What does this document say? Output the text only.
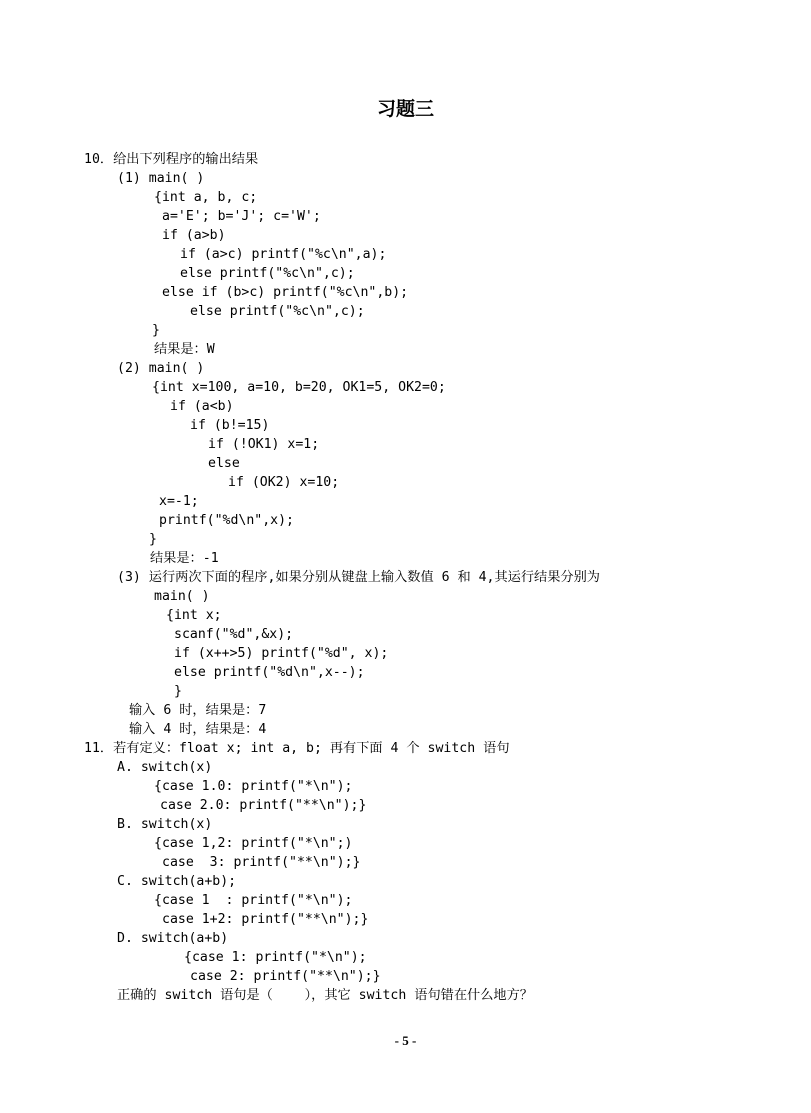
习题三
10．给出下列程序的输出结果
(1) main( )
{int a, b, c;
a='E'; b='J'; c='W';
if (a>b)
if (a>c) printf("%c\n",a);
else printf("%c\n",c);
else if (b>c) printf("%c\n",b);
else printf("%c\n",c);
}
结果是：W
(2) main( )
{int x=100, a=10, b=20, OK1=5, OK2=0;
if (a<b)
if (b!=15)
if (!OK1) x=1;
else
if (OK2) x=10;
x=-1;
printf("%d\n",x);
}
结果是：-1
(3) 运行两次下面的程序,如果分别从键盘上输入数值 6 和 4,其运行结果分别为
main( )
{int x;
scanf("%d",&x);
if (x++>5) printf("%d", x);
else printf("%d\n",x--);
}
输入 6 时，结果是：7
输入 4 时，结果是：4
11．若有定义：float x; int a, b; 再有下面 4 个 switch 语句
A. switch(x)
{case 1.0: printf("*\n");
case 2.0: printf("**\n");}
B. switch(x)
{case 1,2: printf("*\n";)
case  3: printf("**\n");}
C. switch(a+b);
{case 1  : printf("*\n");
case 1+2: printf("**\n");}
D. switch(a+b)
{case 1: printf("*\n");
case 2: printf("**\n");}
正确的 switch 语句是（    ），其它 switch 语句错在什么地方？
- 5 -
